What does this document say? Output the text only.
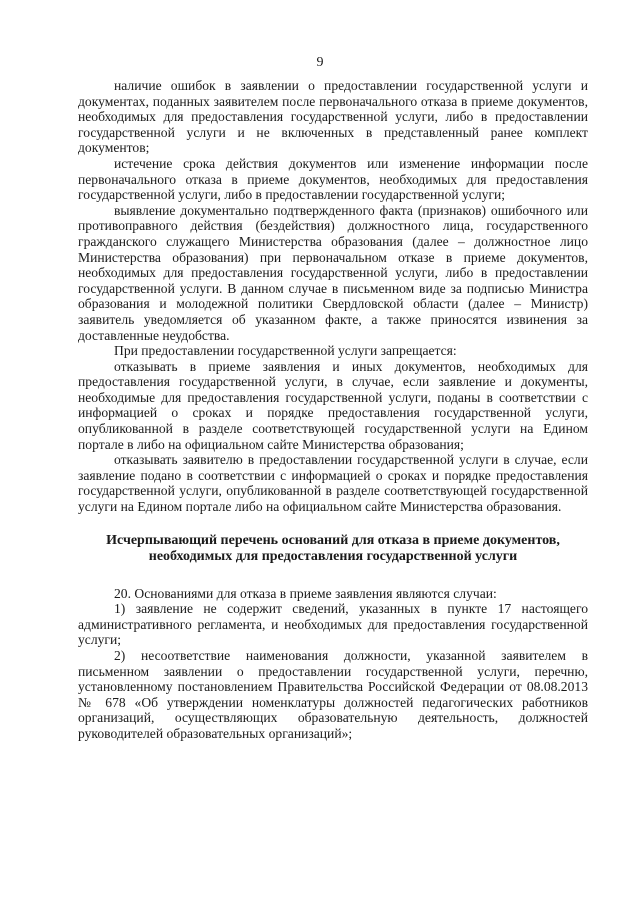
9

наличие ошибок в заявлении о предоставлении государственной услуги и документах, поданных заявителем после первоначального отказа в приеме документов, необходимых для предоставления государственной услуги, либо в предоставлении государственной услуги и не включенных в представленный ранее комплект документов;

истечение срока действия документов или изменение информации после первоначального отказа в приеме документов, необходимых для предоставления государственной услуги, либо в предоставлении государственной услуги;

выявление документально подтвержденного факта (признаков) ошибочного или противоправного действия (бездействия) должностного лица, государственного гражданского служащего Министерства образования (далее – должностное лицо Министерства образования) при первоначальном отказе в приеме документов, необходимых для предоставления государственной услуги, либо в предоставлении государственной услуги. В данном случае в письменном виде за подписью Министра образования и молодежной политики Свердловской области (далее – Министр) заявитель уведомляется об указанном факте, а также приносятся извинения за доставленные неудобства.

При предоставлении государственной услуги запрещается:

отказывать в приеме заявления и иных документов, необходимых для предоставления государственной услуги, в случае, если заявление и документы, необходимые для предоставления государственной услуги, поданы в соответствии с информацией о сроках и порядке предоставления государственной услуги, опубликованной в разделе соответствующей государственной услуги на Едином портале в либо на официальном сайте Министерства образования;

отказывать заявителю в предоставлении государственной услуги в случае, если заявление подано в соответствии с информацией о сроках и порядке предоставления государственной услуги, опубликованной в разделе соответствующей государственной услуги на Едином портале либо на официальном сайте Министерства образования.

Исчерпывающий перечень оснований для отказа в приеме документов, необходимых для предоставления государственной услуги

20. Основаниями для отказа в приеме заявления являются случаи:

1) заявление не содержит сведений, указанных в пункте 17 настоящего административного регламента, и необходимых для предоставления государственной услуги;

2) несоответствие наименования должности, указанной заявителем в письменном заявлении о предоставлении государственной услуги, перечню, установленному постановлением Правительства Российской Федерации от 08.08.2013 № 678 «Об утверждении номенклатуры должностей педагогических работников организаций, осуществляющих образовательную деятельность, должностей руководителей образовательных организаций»;
